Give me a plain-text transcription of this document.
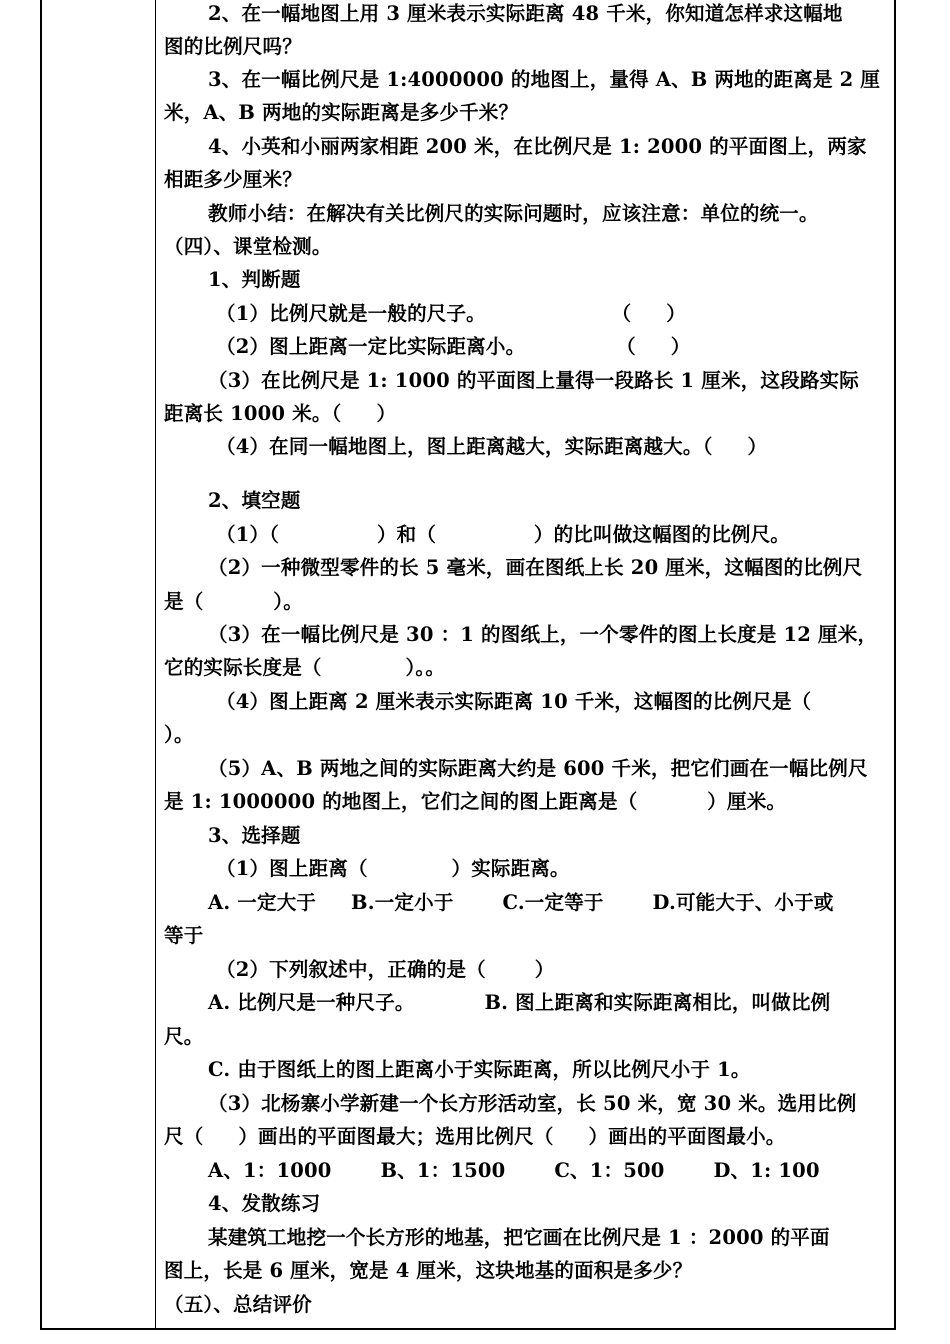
2、在一幅地图上用 3 厘米表示实际距离 48 千米，你知道怎样求这幅地
图的比例尺吗？
3、在一幅比例尺是 1:4000000 的地图上，量得 A、B 两地的距离是 2 厘
米，A、B 两地的实际距离是多少千米？
4、小英和小丽两家相距 200 米，在比例尺是 1: 2000 的平面图上，两家
相距多少厘米？
教师小结：在解决有关比例尺的实际问题时，应该注意：单位的统一。
（四）、课堂检测。
1、判断题
（1）比例尺就是一般的尺子。                  （     ）
（2）图上距离一定比实际距离小。             （     ）
（3）在比例尺是 1: 1000 的平面图上量得一段路长 1 厘米，这段路实际
距离长 1000 米。（     ）
（4）在同一幅地图上，图上距离越大，实际距离越大。（     ）
2、填空题
（1）（              ）和（              ）的比叫做这幅图的比例尺。
（2）一种微型零件的长 5 毫米，画在图纸上长 20 厘米，这幅图的比例尺
是（          ）。
（3）在一幅比例尺是 30 ：1 的图纸上，一个零件的图上长度是 12 厘米，
它的实际长度是（            ）。。
（4）图上距离 2 厘米表示实际距离 10 千米，这幅图的比例尺是（
）。
（5）A、B 两地之间的实际距离大约是 600 千米，把它们画在一幅比例尺
是 1: 1000000 的地图上，它们之间的图上距离是（          ）厘米。
3、选择题
（1）图上距离（            ）实际距离。
A. 一定大于     B.一定小于       C.一定等于       D.可能大于、小于或
等于
（2）下列叙述中，正确的是（       ）
A. 比例尺是一种尺子。          B. 图上距离和实际距离相比，叫做比例
尺。
C. 由于图纸上的图上距离小于实际距离，所以比例尺小于 1。
（3）北杨寨小学新建一个长方形活动室，长 50 米，宽 30 米。选用比例
尺（     ）画出的平面图最大；选用比例尺（     ）画出的平面图最小。
A、1：1000       B、1：1500       C、1：500       D、1: 100
4、发散练习
某建筑工地挖一个长方形的地基，把它画在比例尺是 1 ：2000 的平面
图上，长是 6 厘米，宽是 4 厘米，这块地基的面积是多少？
（五）、总结评价
